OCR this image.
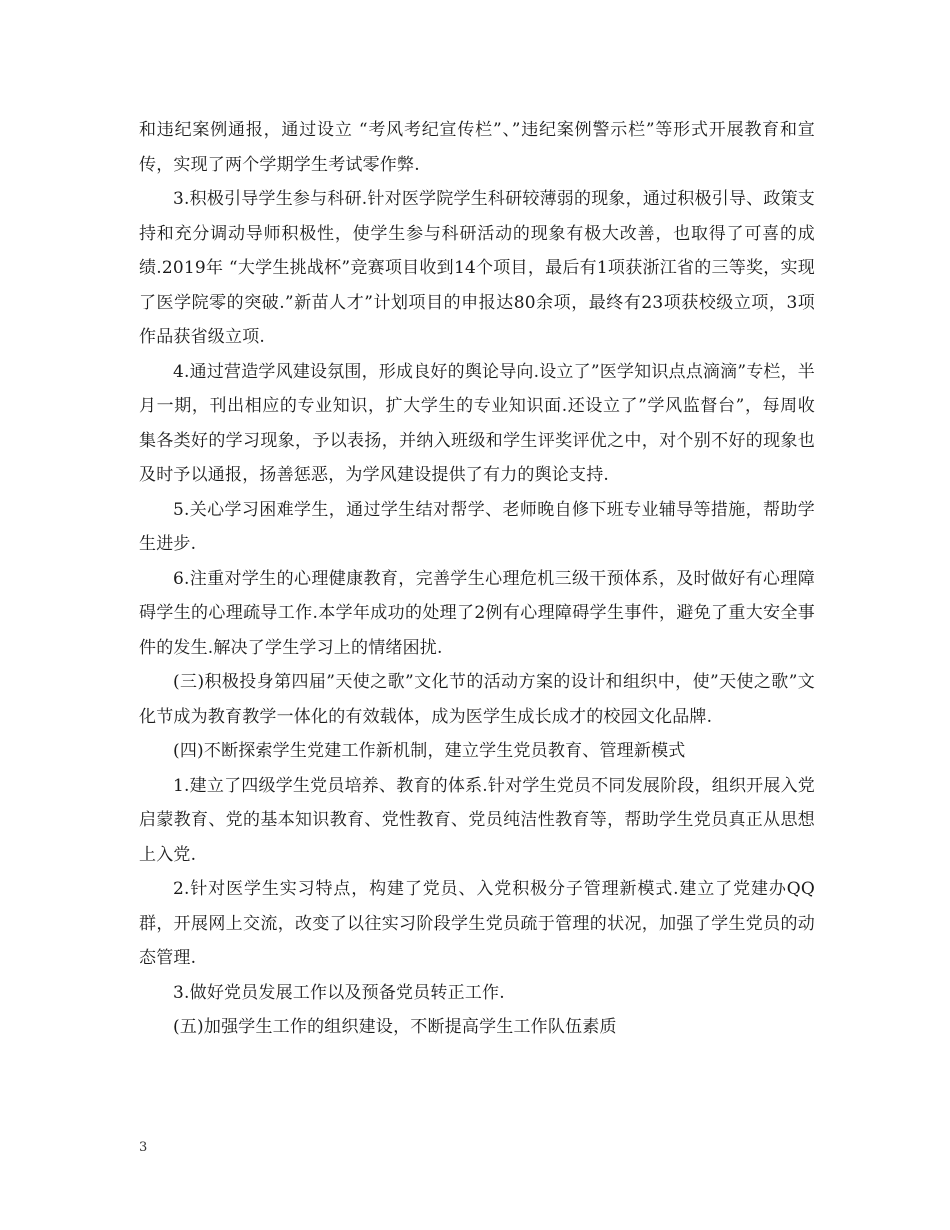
和违纪案例通报，通过设立 “考风考纪宣传栏”、”违纪案例警示栏”等形式开展教育和宣传，实现了两个学期学生考试零作弊.

3.积极引导学生参与科研.针对医学院学生科研较薄弱的现象，通过积极引导、政策支持和充分调动导师积极性，使学生参与科研活动的现象有极大改善，也取得了可喜的成绩.2019年 “大学生挑战杯”竞赛项目收到14个项目，最后有1项获浙江省的三等奖，实现了医学院零的突破.”新苗人才”计划项目的申报达80余项，最终有23项获校级立项，3项作品获省级立项.

4.通过营造学风建设氛围，形成良好的舆论导向.设立了”医学知识点点滴滴”专栏，半月一期，刊出相应的专业知识，扩大学生的专业知识面.还设立了”学风监督台”，每周收集各类好的学习现象，予以表扬，并纳入班级和学生评奖评优之中，对个别不好的现象也及时予以通报，扬善惩恶，为学风建设提供了有力的舆论支持.

5.关心学习困难学生，通过学生结对帮学、老师晚自修下班专业辅导等措施，帮助学生进步.

6.注重对学生的心理健康教育，完善学生心理危机三级干预体系，及时做好有心理障碍学生的心理疏导工作.本学年成功的处理了2例有心理障碍学生事件，避免了重大安全事件的发生.解决了学生学习上的情绪困扰.

(三)积极投身第四届”天使之歌”文化节的活动方案的设计和组织中，使”天使之歌”文化节成为教育教学一体化的有效载体，成为医学生成长成才的校园文化品牌.

(四)不断探索学生党建工作新机制，建立学生党员教育、管理新模式

1.建立了四级学生党员培养、教育的体系.针对学生党员不同发展阶段，组织开展入党启蒙教育、党的基本知识教育、党性教育、党员纯洁性教育等，帮助学生党员真正从思想上入党.

2.针对医学生实习特点，构建了党员、入党积极分子管理新模式.建立了党建办QQ群，开展网上交流，改变了以往实习阶段学生党员疏于管理的状况，加强了学生党员的动态管理.

3.做好党员发展工作以及预备党员转正工作.

(五)加强学生工作的组织建设，不断提高学生工作队伍素质

3
